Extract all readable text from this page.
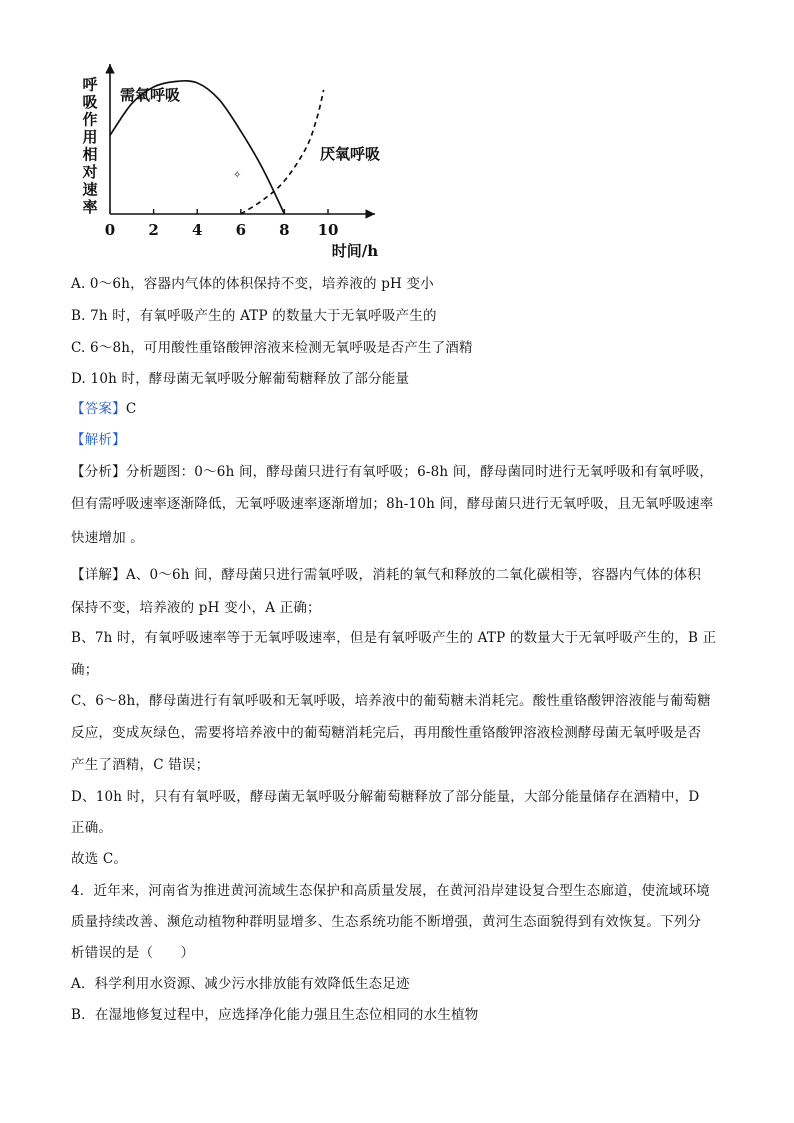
呼吸作用相对速率
时间/h
0 2 4 6 8 10
需氧呼吸
厌氧呼吸
✧
A. 0～6h，容器内气体的体积保持不变，培养液的 pH 变小
B. 7h 时，有氧呼吸产生的 ATP 的数量大于无氧呼吸产生的
C. 6～8h，可用酸性重铬酸钾溶液来检测无氧呼吸是否产生了酒精
D. 10h 时，酵母菌无氧呼吸分解葡萄糖释放了部分能量
【答案】C
【解析】
【分析】分析题图：0～6h 间，酵母菌只进行有氧呼吸；6-8h 间，酵母菌同时进行无氧呼吸和有氧呼吸，
但有需呼吸速率逐渐降低，无氧呼吸速率逐渐增加；8h-10h 间，酵母菌只进行无氧呼吸，且无氧呼吸速率
快速增加 。
【详解】A、0～6h 间，酵母菌只进行需氧呼吸，消耗的氧气和释放的二氧化碳相等，容器内气体的体积
保持不变，培养液的 pH 变小，A 正确；
B、7h 时，有氧呼吸速率等于无氧呼吸速率，但是有氧呼吸产生的 ATP 的数量大于无氧呼吸产生的，B 正
确；
C、6～8h，酵母菌进行有氧呼吸和无氧呼吸，培养液中的葡萄糖未消耗完。酸性重铬酸钾溶液能与葡萄糖
反应，变成灰绿色，需要将培养液中的葡萄糖消耗完后，再用酸性重铬酸钾溶液检测酵母菌无氧呼吸是否
产生了酒精，C 错误；
D、10h 时，只有有氧呼吸，酵母菌无氧呼吸分解葡萄糖释放了部分能量，大部分能量储存在酒精中，D
正确。
故选 C。
4．近年来，河南省为推进黄河流域生态保护和高质量发展，在黄河沿岸建设复合型生态廊道，使流域环境
质量持续改善、濒危动植物种群明显增多、生态系统功能不断增强，黄河生态面貌得到有效恢复。下列分
析错误的是（　　）
A．科学利用水资源、减少污水排放能有效降低生态足迹
B．在湿地修复过程中，应选择净化能力强且生态位相同的水生植物
